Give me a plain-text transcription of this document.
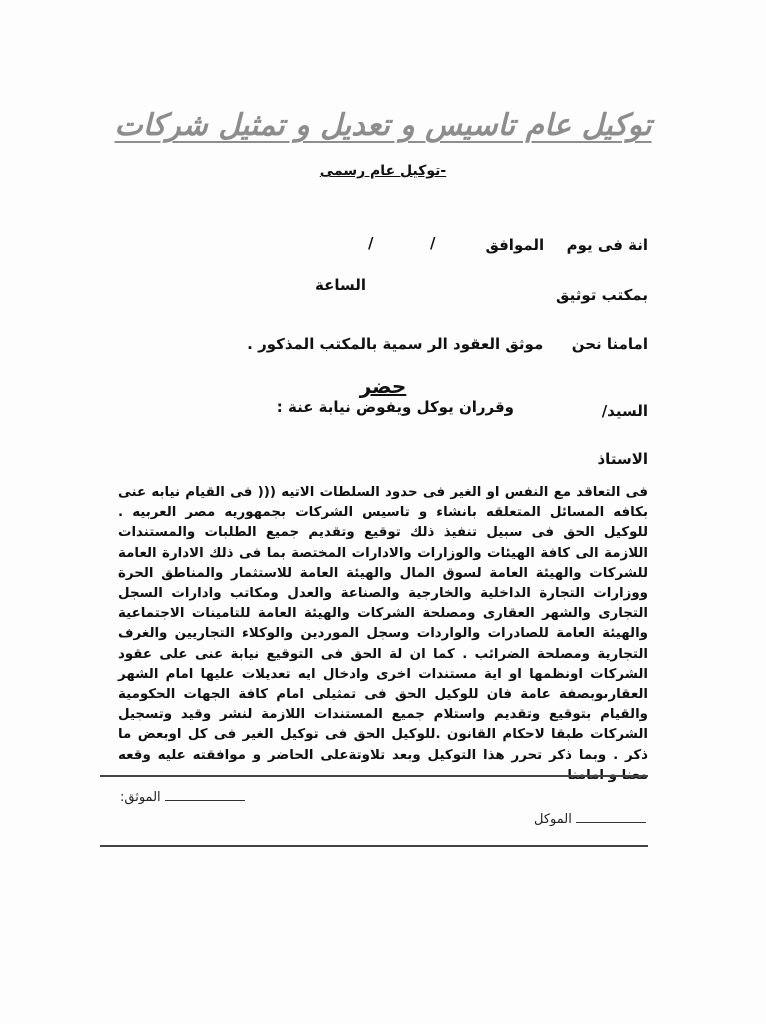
توكيل عام تاسيس و تعديل و تمثيل شركات
-توكيل عام رسمى
انة فى يوم  الموافق
/
/
بمكتب توثيق
الساعة
امامنا نحن  موثق العقود الر سمية بالمكتب المذكور .
حضر
السيد/
وقرران يوكل ويفوض نيابة عنة :
الاستاذ
فى التعاقد مع النفس او الغير فى حدود السلطات الاتيه ((( فى القيام نيابه عنى بكافه المسائل المتعلقه بانشاء و تاسيس الشركات بجمهوريه مصر العربيه . للوكيل الحق فى سبيل تنفيذ ذلك توقيع وتقديم جميع الطلبات والمستندات اللازمة الى كافة الهيئات والوزارات والادارات المختصة بما فى ذلك الادارة العامة للشركات والهيئة العامة لسوق المال والهيئة العامة للاستثمار والمناطق الحرة ووزارات التجارة الداخلية والخارجية والصناعة والعدل ومكاتب وادارات السجل التجارى والشهر العقارى ومصلحة الشركات والهيئة العامة للتامينات الاجتماعية والهيئة العامة للصادرات والواردات وسجل الموردين والوكلاء التجاريين والغرف التجارية ومصلحة الضرائب . كما ان لة الحق فى التوقيع نيابة عنى على عقود الشركات اونظمها او اية مستندات اخرى وادخال ايه تعديلات عليها امام الشهر العقارىوبصفة عامة فان للوكيل الحق فى تمثيلى امام كافة الجهات الحكومية والقيام بتوقيع وتقديم واستلام جميع المستندات اللازمة لنشر وقيد وتسجيل الشركات طبقا لاحكام القانون .للوكيل الحق فى توكيل الغير فى كل اوبعض ما ذكر . وبما ذكر تحرر هذا التوكيل وبعد تلاوتةعلى الحاضر و موافقته عليه وقعه معنا و امامنا
الموثق:
الموكل
